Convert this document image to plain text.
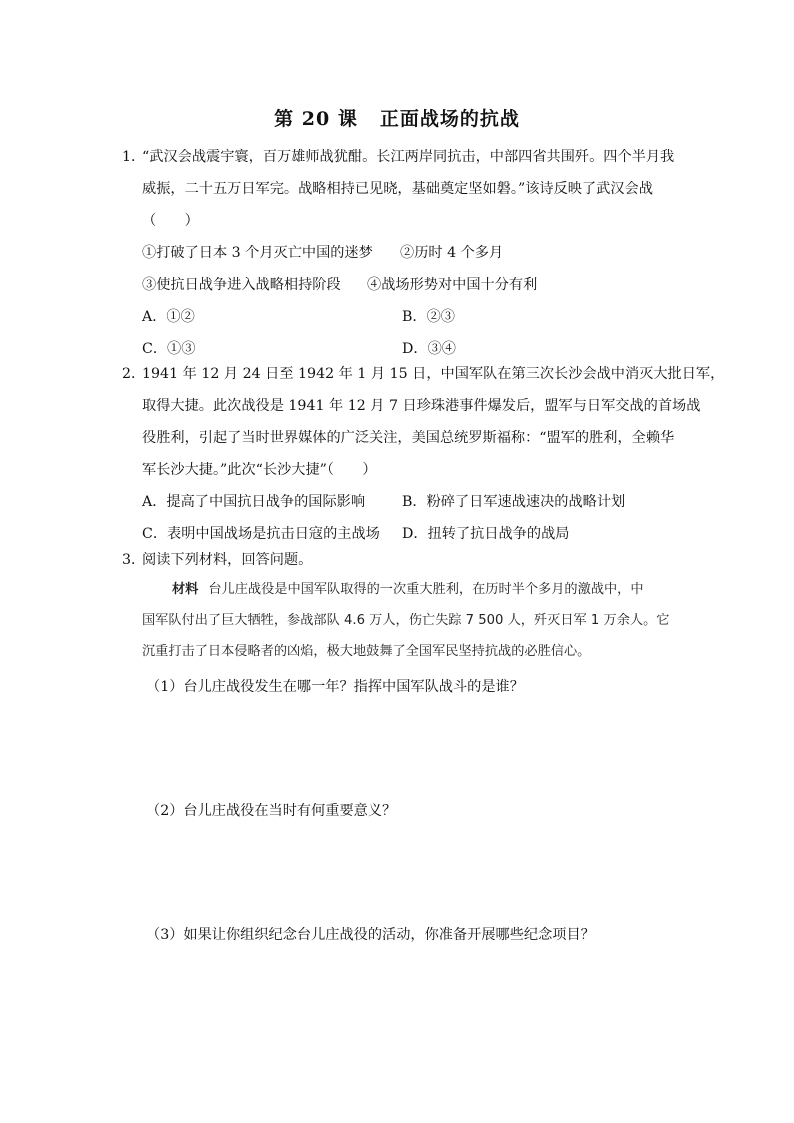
第 20 课 正面战场的抗战
1．
“武汉会战震宇寰，百万雄师战犹酣。长江两岸同抗击，中部四省共围歼。四个半月我
威振，二十五万日军完。战略相持已见晓，基础奠定坚如磐。”该诗反映了武汉会战
（　　）
①打破了日本 3 个月灭亡中国的迷梦 ②历时 4 个多月
③使抗日战争进入战略相持阶段 ④战场形势对中国十分有利
A．①②	B．②③
C．①③	D．③④
2．
1941 年 12 月 24 日至 1942 年 1 月 15 日，中国军队在第三次长沙会战中消灭大批日军，
取得大捷。此次战役是 1941 年 12 月 7 日珍珠港事件爆发后，盟军与日军交战的首场战
役胜利，引起了当时世界媒体的广泛关注，美国总统罗斯福称：“盟军的胜利，全赖华
军长沙大捷。”此次“长沙大捷”（　　）
A．提高了中国抗日战争的国际影响	B．粉碎了日军速战速决的战略计划
C．表明中国战场是抗击日寇的主战场 D．扭转了抗日战争的战局
3．
阅读下列材料，回答问题。
材料 台儿庄战役是中国军队取得的一次重大胜利，在历时半个多月的激战中，中
国军队付出了巨大牺牲，参战部队 4.6 万人，伤亡失踪 7 500 人，歼灭日军 1 万余人。它
沉重打击了日本侵略者的凶焰，极大地鼓舞了全国军民坚持抗战的必胜信心。
（1）台儿庄战役发生在哪一年？指挥中国军队战斗的是谁？
（2）台儿庄战役在当时有何重要意义？
（3）如果让你组织纪念台儿庄战役的活动，你准备开展哪些纪念项目？
